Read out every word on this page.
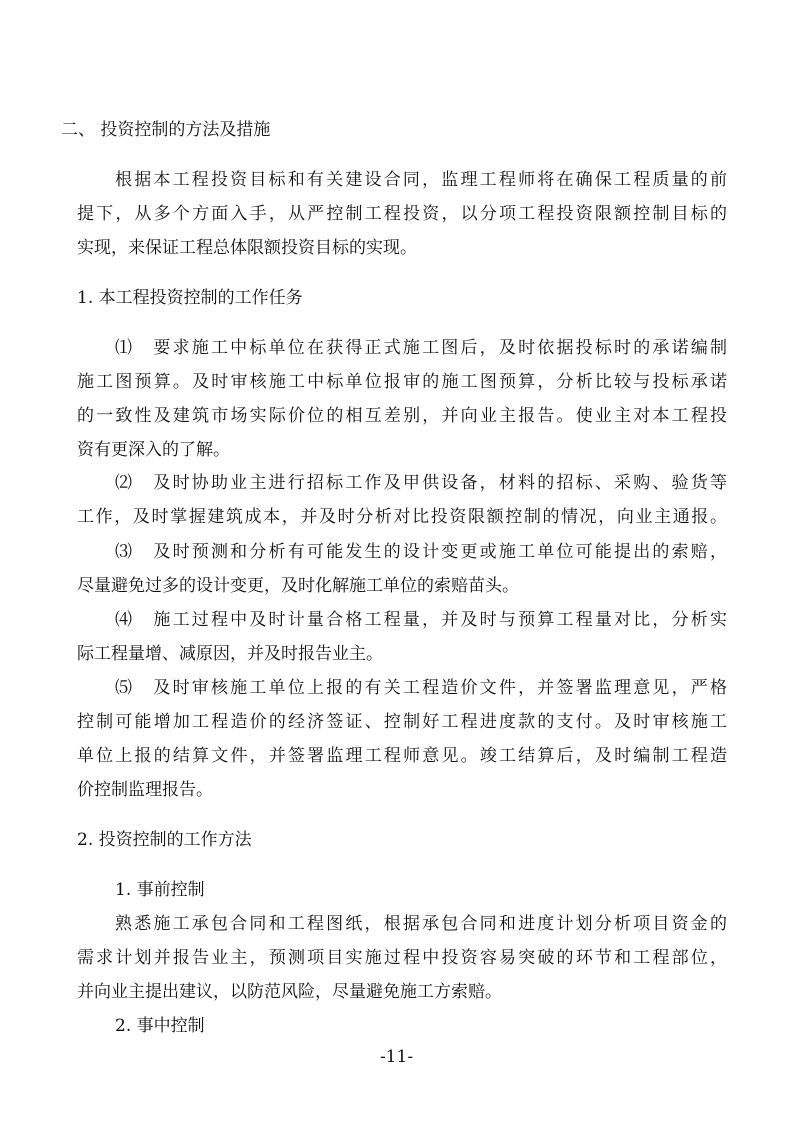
二、 投资控制的方法及措施
根据本工程投资目标和有关建设合同，监理工程师将在确保工程质量的前
提下，从多个方面入手，从严控制工程投资，以分项工程投资限额控制目标的
实现，来保证工程总体限额投资目标的实现。
1. 本工程投资控制的工作任务
⑴　要求施工中标单位在获得正式施工图后，及时依据投标时的承诺编制
施工图预算。及时审核施工中标单位报审的施工图预算，分析比较与投标承诺
的一致性及建筑市场实际价位的相互差别，并向业主报告。使业主对本工程投
资有更深入的了解。
⑵　及时协助业主进行招标工作及甲供设备，材料的招标、采购、验货等
工作，及时掌握建筑成本，并及时分析对比投资限额控制的情况，向业主通报。
⑶　及时预测和分析有可能发生的设计变更或施工单位可能提出的索赔，
尽量避免过多的设计变更，及时化解施工单位的索赔苗头。
⑷　施工过程中及时计量合格工程量，并及时与预算工程量对比，分析实
际工程量增、减原因，并及时报告业主。
⑸　及时审核施工单位上报的有关工程造价文件，并签署监理意见，严格
控制可能增加工程造价的经济签证、控制好工程进度款的支付。及时审核施工
单位上报的结算文件，并签署监理工程师意见。竣工结算后，及时编制工程造
价控制监理报告。
2. 投资控制的工作方法
1. 事前控制
熟悉施工承包合同和工程图纸，根据承包合同和进度计划分析项目资金的
需求计划并报告业主，预测项目实施过程中投资容易突破的环节和工程部位，
并向业主提出建议，以防范风险，尽量避免施工方索赔。
2. 事中控制
-11-
